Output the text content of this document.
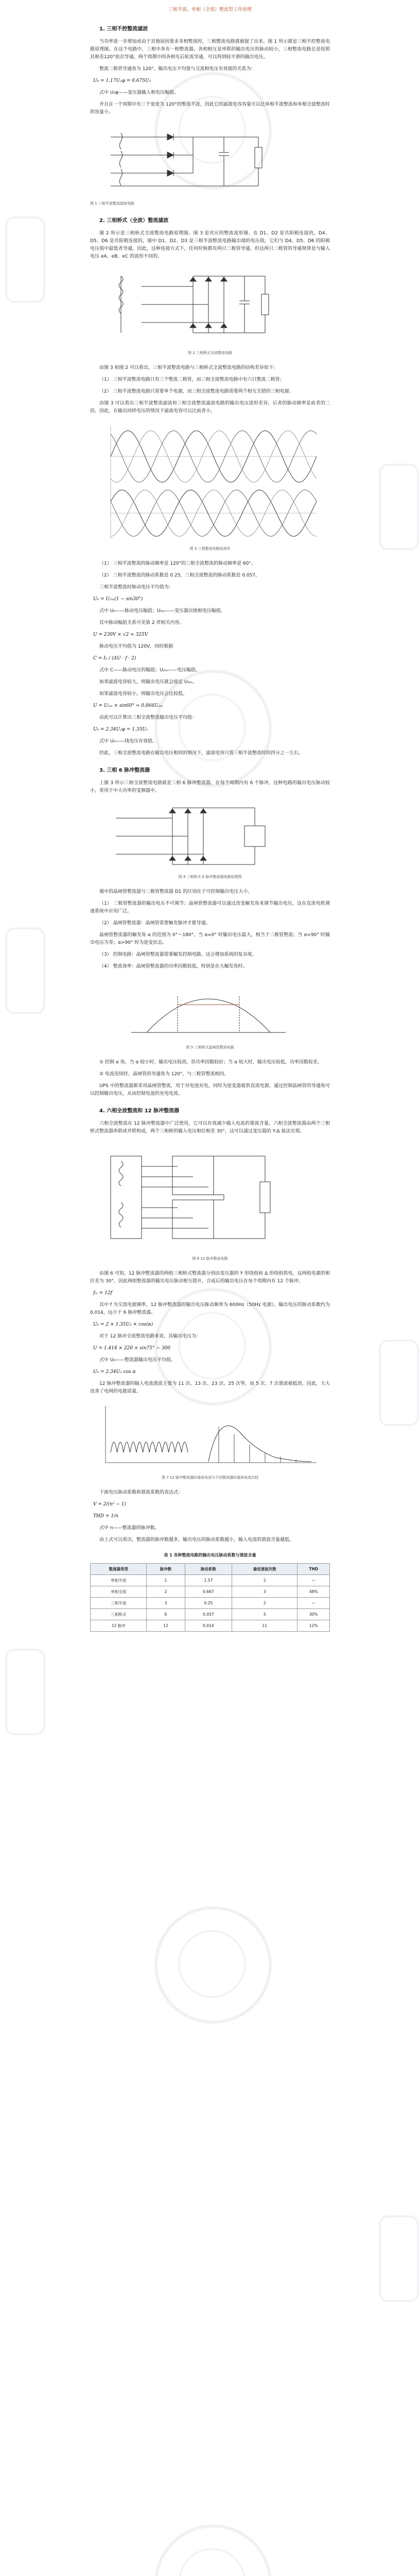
三相半波、单相（全波）整流型工作原理
1. 三相不控整流滤波

当功率进一步增加或由于其他原因要求多相整流时，三相整流电路就被提了出来。图 1 所示就是三相不控整流电路原理图。在这个电路中，三相中各有一相整流器，各相相互是串联的输出电压的脉动较小，三相整流电路总是按照其相差120°依次导通，两个周期中的各相先后轮流导通，可以得到较平滑的输出电压。

整流二极管导通角为 120°。输出电压平均值与交流相电压有效值的关系为：

U₀ = 1.17U₂φ = 0.675U₂

式中 U₂φ——变压器输入相电压幅值。

并且在一个周期中有三个宽度为 120°的整流半波，因此它的滤波电容容量可以比单相半波整流和单相全波整流时的容量小。

图 1 三相半波整流滤波电路
2. 三相桥式（全波）整流滤波

图 2 所示是三相桥式全波整流电路原理图。图 3 是对应的整流波形图。在 D1、D2 是共阴极连接的，D4、D5、D6 是共阳极连接的，图中 D1、D2、D3 是三相半波整流电路输出端的电压值，它们与 D4、D5、D6 的阳极电压值中最低者导通，因此，这种连接方式下，任何时候都有两只二极管导通，但这两只二极管的导通规律是与输入电压 eA、eB、eC 的波形不同的。

图 2 三相桥式全波整流电路

由图 3 和图 2 可以看出，三相半波整流电路与三相桥式全波整流电路的结构差异如下：

（1） 三相半波整流电路只有三个整流二极管，而三相全波整流电路中有六只整流二极管；

（2） 三相半波整流电路只需要单个电源，而三相全波整流电路需要两个相互交错的三相电源。

由图 3 可以看出三相半波整流滤波和三相全波整流滤波电路的输出电压波形差异，后者的脉动频率是前者的二倍，因此，在输出同样电压的情况下滤波电容可以比前者小。

图 3 三相整流电路的波形

（1） 三相半波整流的脉动频率是 120°的三相全波整流的脉动频率是 60°。

（2） 三相半波整流的脉动系数是 0.25，三相全波整流的脉动系数是 0.057。

三相半波整流时脉动电压平均值为：

U₀ = U₂ₘ(1 − sin30°)

式中 U₀——脉动电压幅值；U₂ₘ——变压器次级相电压幅值。

其中脉动幅值关系可见第 2 章相关内容。

U = 230V × √2 ≈ 325V

脉动电压平均值为 120V，同时根据

C = I₀ / (ΔU · f · 2)

式中 C——脉动电压的幅值；U₂ₘ——电压幅值。

如果滤波电容较大，则输出电压就会接近 U₂ₘ。

如果滤波电容较小，则输出电压会比较低。

U = U₂ₘ × sin60° ≈ 0.866U₂ₘ

由此可以计算出三相全波整流输出电压平均值：

U₀ = 2.34U₂φ = 1.35U₂

式中 U₀——线电压有效值。

经此，三相全波整流电路在输出电压相同的情况下，滤波电容只需三相半波整流时的四分之一左右。

3. 三相 6 脉冲整流器

上图 3 所示三相全波整流电路就是三相 6 脉冲整流器，在每个周期内有 6 个脉冲，这种电路的输出电压脉动较小，常用于中大功率的变频器中。

图 4 三相桥式 6 脉冲整流器电路原理图

图中的晶闸管整流器与二极管整流器 D1 的区别在于可控制输出电压大小。

（1） 二极管整流器的输出电压不可调节；晶闸管整流器可以通过改变触发角来调节输出电压，这在直流电机调速系统中应用广泛。

（2） 晶闸管整流器：晶闸管需要触发脉冲才能导通。

晶闸管整流器的触发角 α 的范围为 0°～180°，当 α=0° 时输出电压最大，相当于二极管整流；当 α=90° 时输出电压为零；α>90° 时为逆变状态。

（3） 控制电路：晶闸管整流器需要触发控制电路，这会增加系统的复杂度。

（4） 整流效率：晶闸管整流器的功率因数较低，特别是在大触发角时。

图 5 三相桥式晶闸管整流电路

① 控制 α 角，当 α 较小时，输出电压较高，但功率因数较好；当 α 较大时，输出电压较低，功率因数较差。

② 电流连续时，晶闸管的导通角为 120°，与二极管整流相同。

UPS 中的整流器都采用晶闸管整流，用于对电池充电，同时为逆变器提供直流电源，通过控制晶闸管的导通角可以控制输出电压，从而控制电池的充电电流。

4. 六相全波整流和 12 脉冲整流器

六相全波整流在 12 脉冲整流器中广泛使用，它可以有效减少输入电流的谐波含量。六相全波整流器由两个三相桥式整流器串联或并联构成，两个三相桥的输入电压相位相差 30°，这可以通过变压器的 Y-Δ 接法实现。

图 6 12 脉冲整流电路

由图 6 可知，12 脉冲整流器的两组三相桥式整流器分别由变压器的 Y 形绕组和 Δ 形绕组供电，这两组电源的相位差为 30°，因此两组整流器的输出电压脉动相互错开，合成后的输出电压在每个周期内有 12 个脉冲。

fₘ = 12f

其中 f 为交流电源频率，12 脉冲整流器的输出电压脉动频率为 600Hz（50Hz 电源），输出电压的脉动系数约为 0.014，远小于 6 脉冲整流器。

U₀ = 2 × 1.35U₂ × cos(α)

对于 12 脉冲全波整流电路来说，其输出电压为：

U = 1.414 × 220 × sin75° − 300

式中 U₀——整流器输出电压平均值。

U₀ = 2.34U₂ cos α

12 脉冲整流器的输入电流谐波主要为 11 次、13 次、23 次、25 次等，而 5 次、7 次谐波被抵消，因此，大大改善了电网的电能质量。

图 7 12 脉冲整流器的谐波电流与不同整流器的谐波电流比较

下面电压脉动系数和谐波系数的表达式：

V = 2/(n² − 1)
THD = 1/n

式中 n——整流器的脉冲数。

由上式可以看出，整流器的脉冲数越多，输出电压的脉动系数越小，输入电流的谐波含量越低。

表 1 各种整流电路的输出电压脉动系数与谐波含量

整流器类型	脉冲数	脉动系数	最低谐波次数	THD
单相半波	1	1.57	2	—
单相全波	2	0.667	3	48%
三相半波	3	0.25	2	—
三相桥式	6	0.057	5	30%
12 脉冲	12	0.014	11	12%
